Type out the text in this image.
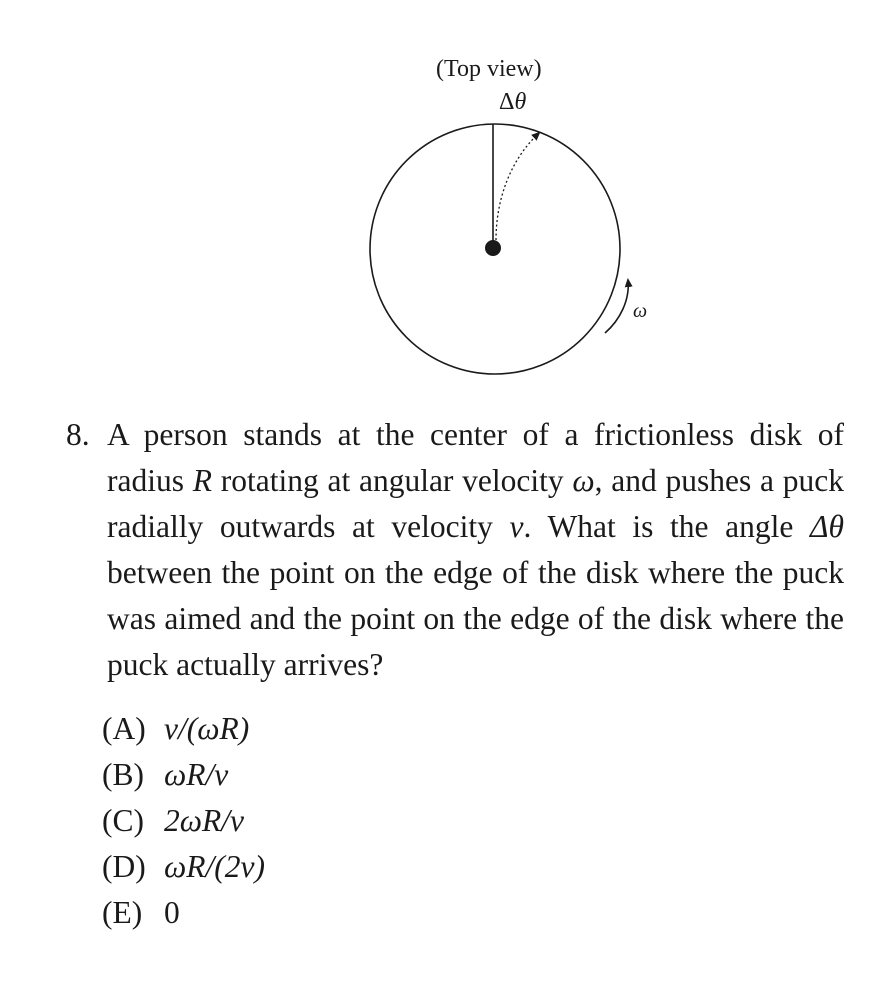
(Top view)
Δθ
ω
8. A person stands at the center of a frictionless disk of radius R rotating at angular velocity ω, and pushes a puck radially outwards at velocity v. What is the angle Δθ between the point on the edge of the disk where the puck was aimed and the point on the edge of the disk where the puck actually arrives?
(A) v/(ωR)
(B) ωR/v
(C) 2ωR/v
(D) ωR/(2v)
(E) 0
